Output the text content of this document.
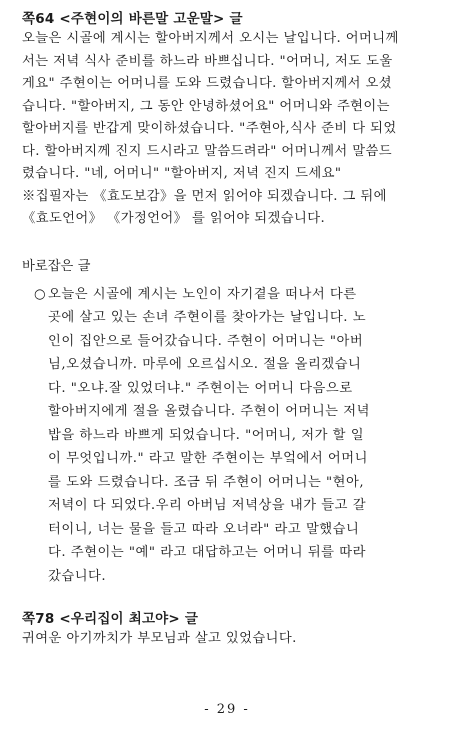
쪽64 <주현이의 바른말 고운말> 글

오늘은 시골에 계시는 할아버지께서 오시는 날입니다. 어머니께

서는 저녁 식사 준비를 하느라 바쁘십니다. "어머니, 저도 도울

게요" 주현이는 어머니를 도와 드렸습니다. 할아버지께서 오셨

습니다. "할아버지, 그 동안 안녕하셨어요" 어머니와 주현이는

할아버지를 반갑게 맞이하셨습니다. "주현아,식사 준비 다 되었

다. 할아버지께 진지 드시라고 말씀드려라" 어머니께서 말씀드

렸습니다. "네, 어머니" "할아버지, 저녁 진지 드세요"

※집필자는 《효도보감》을 먼저 읽어야 되겠습니다. 그 뒤에

《효도언어》 《가정언어》 를 읽어야 되겠습니다.

바로잡은 글
○ 오늘은 시골에 계시는 노인이 자기곁을 떠나서 다른

곳에 살고 있는 손녀 주현이를 찾아가는 날입니다. 노

인이 집안으로 들어갔습니다. 주현이 어머니는 "아버

님,오셨습니까. 마루에 오르십시오. 절을 올리겠습니

다. "오냐.잘 있었더냐." 주현이는 어머니 다음으로

할아버지에게 절을 올렸습니다. 주현이 어머니는 저녁

밥을 하느라 바쁘게 되었습니다. "어머니, 저가 할 일

이 무엇입니까." 라고 말한 주현이는 부엌에서 어머니

를 도와 드렸습니다. 조금 뒤 주현이 어머니는 "현아,

저녁이 다 되었다.우리 아버님 저녁상을 내가 들고 갈

터이니, 너는 물을 들고 따라 오너라" 라고 말했습니

다. 주현이는 "예" 라고 대답하고는 어머니 뒤를 따라

갔습니다.

쪽78 <우리집이 최고야> 글

귀여운 아기까치가 부모님과 살고 있었습니다.

- 29 -
